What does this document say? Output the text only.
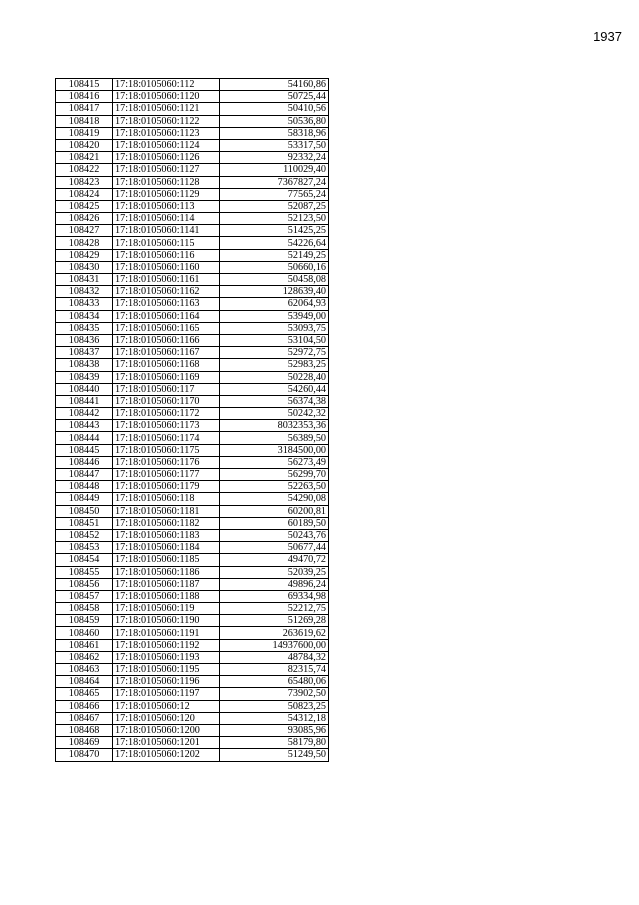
1937
108415	17:18:0105060:112	54160,86
108416	17:18:0105060:1120	50725,44
108417	17:18:0105060:1121	50410,56
108418	17:18:0105060:1122	50536,80
108419	17:18:0105060:1123	58318,96
108420	17:18:0105060:1124	53317,50
108421	17:18:0105060:1126	92332,24
108422	17:18:0105060:1127	110029,40
108423	17:18:0105060:1128	7367827,24
108424	17:18:0105060:1129	77565,24
108425	17:18:0105060:113	52087,25
108426	17:18:0105060:114	52123,50
108427	17:18:0105060:1141	51425,25
108428	17:18:0105060:115	54226,64
108429	17:18:0105060:116	52149,25
108430	17:18:0105060:1160	50660,16
108431	17:18:0105060:1161	50458,08
108432	17:18:0105060:1162	128639,40
108433	17:18:0105060:1163	62064,93
108434	17:18:0105060:1164	53949,00
108435	17:18:0105060:1165	53093,75
108436	17:18:0105060:1166	53104,50
108437	17:18:0105060:1167	52972,75
108438	17:18:0105060:1168	52983,25
108439	17:18:0105060:1169	50228,40
108440	17:18:0105060:117	54260,44
108441	17:18:0105060:1170	56374,38
108442	17:18:0105060:1172	50242,32
108443	17:18:0105060:1173	8032353,36
108444	17:18:0105060:1174	56389,50
108445	17:18:0105060:1175	3184500,00
108446	17:18:0105060:1176	56273,49
108447	17:18:0105060:1177	56299,70
108448	17:18:0105060:1179	52263,50
108449	17:18:0105060:118	54290,08
108450	17:18:0105060:1181	60200,81
108451	17:18:0105060:1182	60189,50
108452	17:18:0105060:1183	50243,76
108453	17:18:0105060:1184	50677,44
108454	17:18:0105060:1185	49470,72
108455	17:18:0105060:1186	52039,25
108456	17:18:0105060:1187	49896,24
108457	17:18:0105060:1188	69334,98
108458	17:18:0105060:119	52212,75
108459	17:18:0105060:1190	51269,28
108460	17:18:0105060:1191	263619,62
108461	17:18:0105060:1192	14937600,00
108462	17:18:0105060:1193	48784,32
108463	17:18:0105060:1195	82315,74
108464	17:18:0105060:1196	65480,06
108465	17:18:0105060:1197	73902,50
108466	17:18:0105060:12	50823,25
108467	17:18:0105060:120	54312,18
108468	17:18:0105060:1200	93085,96
108469	17:18:0105060:1201	58179,80
108470	17:18:0105060:1202	51249,50
